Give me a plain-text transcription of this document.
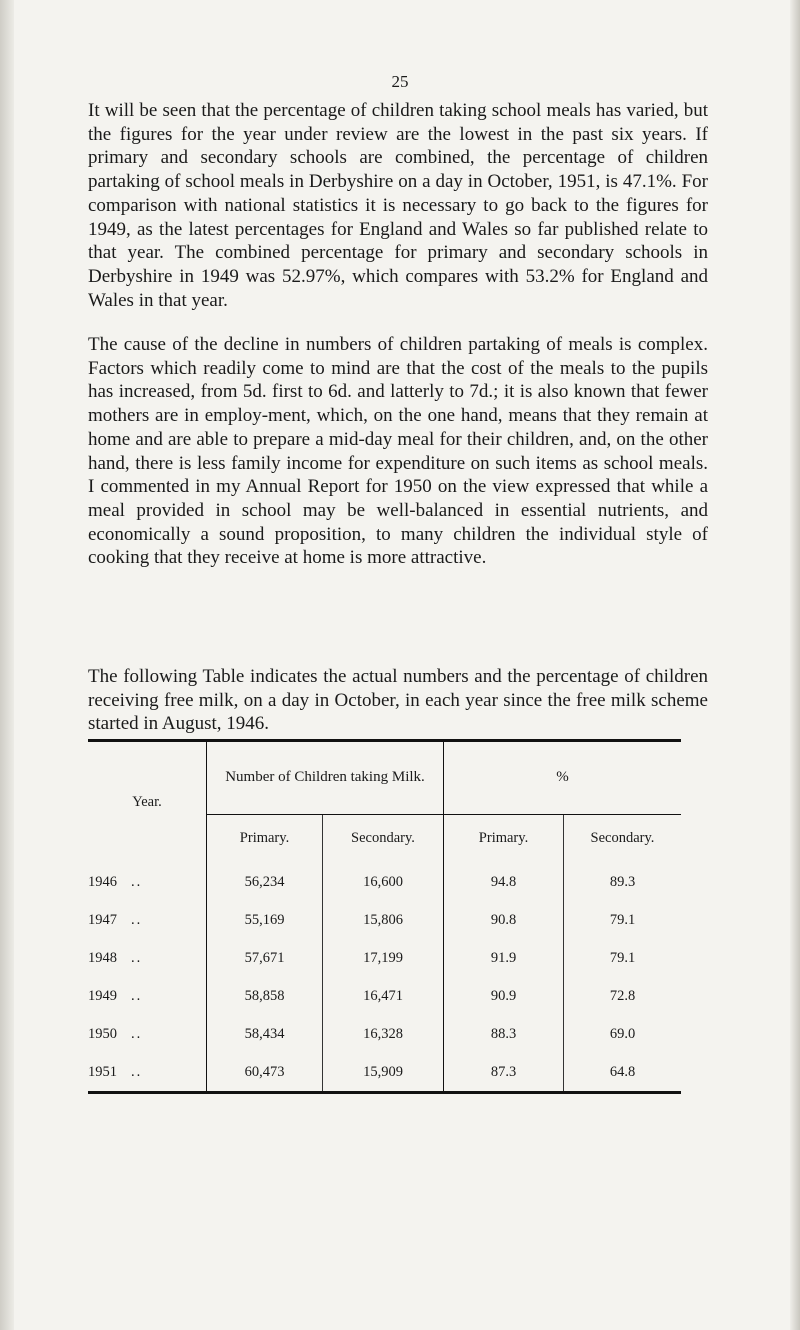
25

It will be seen that the percentage of children taking school meals has varied, but the figures for the year under review are the lowest in the past six years. If primary and secondary schools are combined, the percentage of children partaking of school meals in Derbyshire on a day in October, 1951, is 47.1%. For comparison with national statistics it is necessary to go back to the figures for 1949, as the latest percentages for England and Wales so far published relate to that year. The combined percentage for primary and secondary schools in Derbyshire in 1949 was 52.97%, which compares with 53.2% for England and Wales in that year.

The cause of the decline in numbers of children partaking of meals is complex. Factors which readily come to mind are that the cost of the meals to the pupils has increased, from 5d. first to 6d. and latterly to 7d.; it is also known that fewer mothers are in employ-ment, which, on the one hand, means that they remain at home and are able to prepare a mid-day meal for their children, and, on the other hand, there is less family income for expenditure on such items as school meals. I commented in my Annual Report for 1950 on the view expressed that while a meal provided in school may be well-balanced in essential nutrients, and economically a sound proposition, to many children the individual style of cooking that they receive at home is more attractive.

The following Table indicates the actual numbers and the percentage of children receiving free milk, on a day in October, in each year since the free milk scheme started in August, 1946.

Year.	Number of Children taking Milk.		%	
	Primary.	Secondary.	Primary.	Secondary.
1946 ..	56,234	16,600	94.8	89.3
1947 ..	55,169	15,806	90.8	79.1
1948 ..	57,671	17,199	91.9	79.1
1949 ..	58,858	16,471	90.9	72.8
1950 ..	58,434	16,328	88.3	69.0
1951 ..	60,473	15,909	87.3	64.8
